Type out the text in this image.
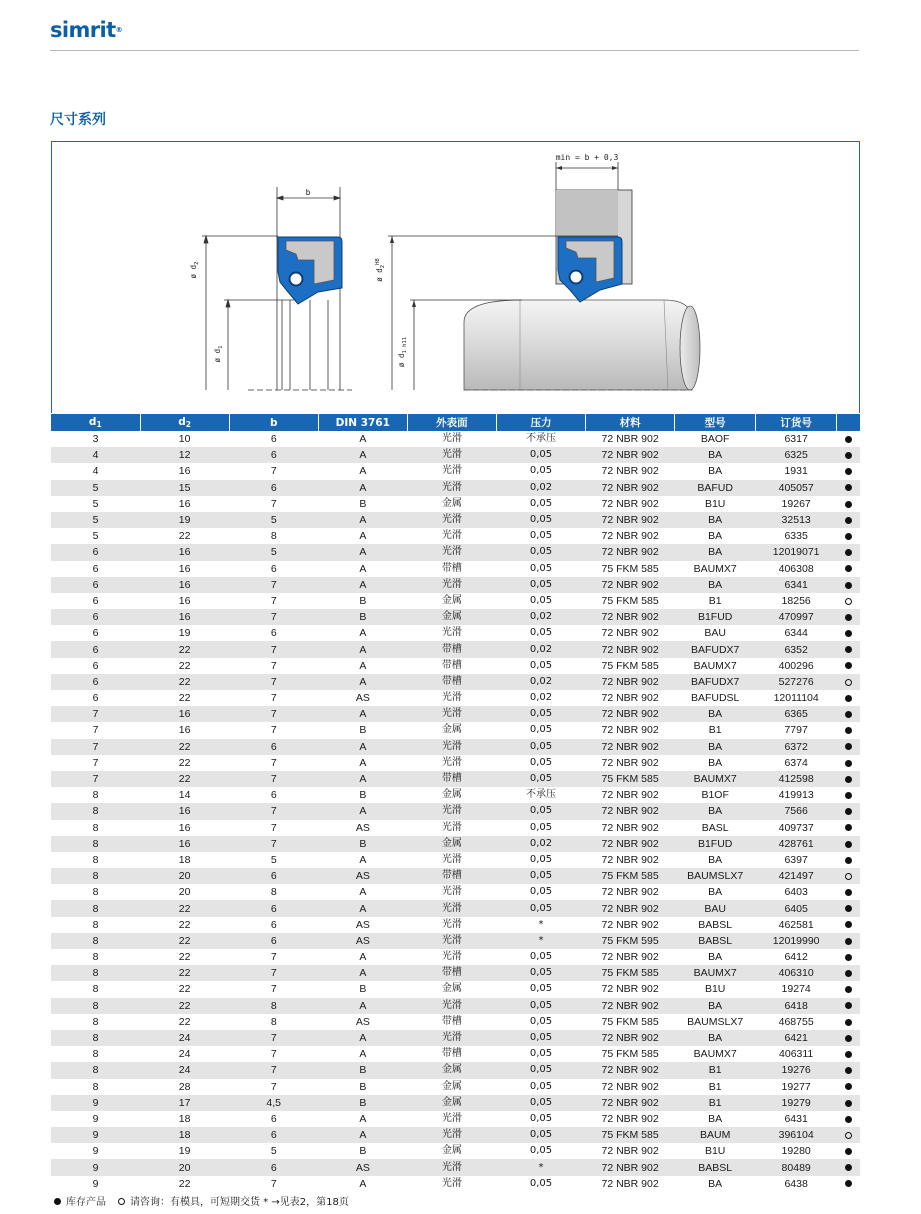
simrit®
尺寸系列
b
ø $d_2$
ø $d_1$
ø $d_2^{H8}$
ø $d_{1 h11}$
min = b + 0,3
$d_1$	$d_2$	b	DIN 3761	外表面	压力	材料	型号	订货号	
3	10	6	A	光滑	不承压	72 NBR 902	BAOF	6317	
4	12	6	A	光滑	0,05	72 NBR 902	BA	6325	
4	16	7	A	光滑	0,05	72 NBR 902	BA	1931	
5	15	6	A	光滑	0,02	72 NBR 902	BAFUD	405057	
5	16	7	B	金属	0,05	72 NBR 902	B1U	19267	
5	19	5	A	光滑	0,05	72 NBR 902	BA	32513	
5	22	8	A	光滑	0,05	72 NBR 902	BA	6335	
6	16	5	A	光滑	0,05	72 NBR 902	BA	12019071	
6	16	6	A	带槽	0,05	75 FKM 585	BAUMX7	406308	
6	16	7	A	光滑	0,05	72 NBR 902	BA	6341	
6	16	7	B	金属	0,05	75 FKM 585	B1	18256	
6	16	7	B	金属	0,02	72 NBR 902	B1FUD	470997	
6	19	6	A	光滑	0,05	72 NBR 902	BAU	6344	
6	22	7	A	带槽	0,02	72 NBR 902	BAFUDX7	6352	
6	22	7	A	带槽	0,05	75 FKM 585	BAUMX7	400296	
6	22	7	A	带槽	0,02	72 NBR 902	BAFUDX7	527276	
6	22	7	AS	光滑	0,02	72 NBR 902	BAFUDSL	12011104	
7	16	7	A	光滑	0,05	72 NBR 902	BA	6365	
7	16	7	B	金属	0,05	72 NBR 902	B1	7797	
7	22	6	A	光滑	0,05	72 NBR 902	BA	6372	
7	22	7	A	光滑	0,05	72 NBR 902	BA	6374	
7	22	7	A	带槽	0,05	75 FKM 585	BAUMX7	412598	
8	14	6	B	金属	不承压	72 NBR 902	B1OF	419913	
8	16	7	A	光滑	0,05	72 NBR 902	BA	7566	
8	16	7	AS	光滑	0,05	72 NBR 902	BASL	409737	
8	16	7	B	金属	0,02	72 NBR 902	B1FUD	428761	
8	18	5	A	光滑	0,05	72 NBR 902	BA	6397	
8	20	6	AS	带槽	0,05	75 FKM 585	BAUMSLX7	421497	
8	20	8	A	光滑	0,05	72 NBR 902	BA	6403	
8	22	6	A	光滑	0,05	72 NBR 902	BAU	6405	
8	22	6	AS	光滑	*	72 NBR 902	BABSL	462581	
8	22	6	AS	光滑	*	75 FKM 595	BABSL	12019990	
8	22	7	A	光滑	0,05	72 NBR 902	BA	6412	
8	22	7	A	带槽	0,05	75 FKM 585	BAUMX7	406310	
8	22	7	B	金属	0,05	72 NBR 902	B1U	19274	
8	22	8	A	光滑	0,05	72 NBR 902	BA	6418	
8	22	8	AS	带槽	0,05	75 FKM 585	BAUMSLX7	468755	
8	24	7	A	光滑	0,05	72 NBR 902	BA	6421	
8	24	7	A	带槽	0,05	75 FKM 585	BAUMX7	406311	
8	24	7	B	金属	0,05	72 NBR 902	B1	19276	
8	28	7	B	金属	0,05	72 NBR 902	B1	19277	
9	17	4,5	B	金属	0,05	72 NBR 902	B1	19279	
9	18	6	A	光滑	0,05	72 NBR 902	BA	6431	
9	18	6	A	光滑	0,05	75 FKM 585	BAUM	396104	
9	19	5	B	金属	0,05	72 NBR 902	B1U	19280	
9	20	6	AS	光滑	*	72 NBR 902	BABSL	80489	
9	22	7	A	光滑	0,05	72 NBR 902	BA	6438	
库存产品 请咨询：有模具，可短期交货 * →见表2，第18页
